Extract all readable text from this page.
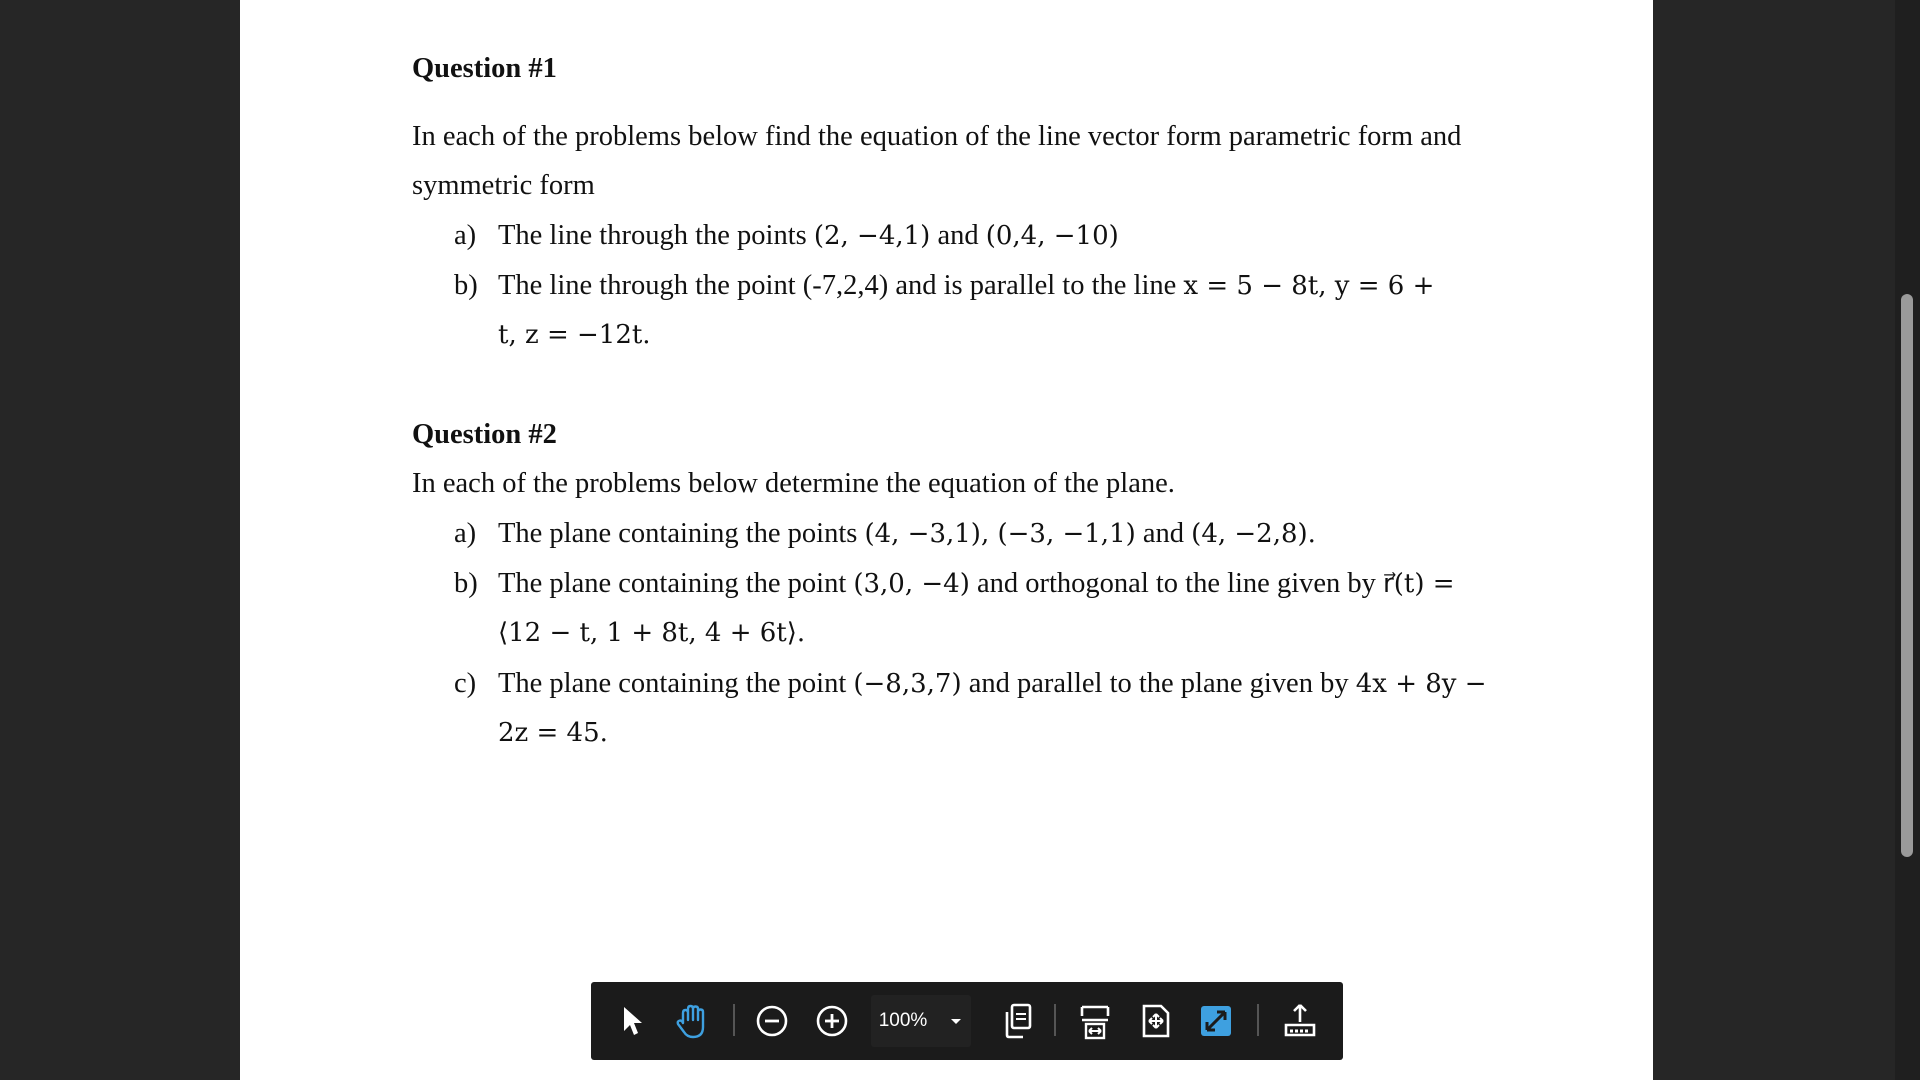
Question #1
In each of the problems below find the equation of the line vector form parametric form and
symmetric form
a) The line through the points (2, −4,1) and (0,4, −10)
b) The line through the point (-7,2,4) and is parallel to the line x = 5 − 8t, y = 6 +
t, z = −12t.
Question #2
In each of the problems below determine the equation of the plane.
a) The plane containing the points (4, −3,1), (−3, −1,1) and (4, −2,8).
b) The plane containing the point (3,0, −4) and orthogonal to the line given by r⃗(t) =
⟨12 − t, 1 + 8t, 4 + 6t⟩.
c) The plane containing the point (−8,3,7) and parallel to the plane given by 4x + 8y −
2z = 45.
100%
